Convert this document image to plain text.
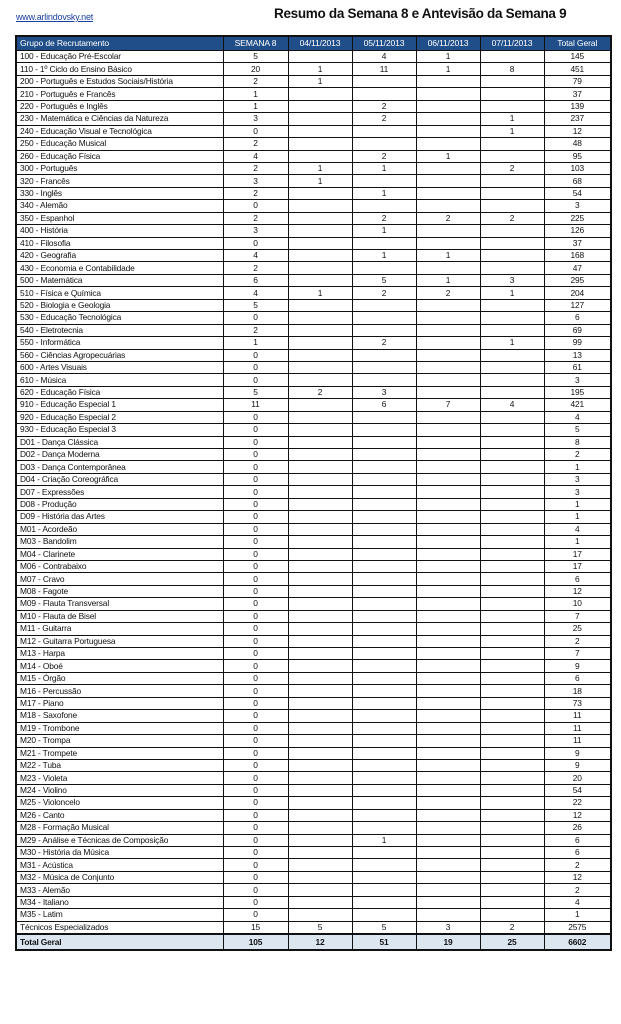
www.arlindovsky.net	Resumo da Semana 8 e Antevisão da Semana 9
Grupo de Recrutamento	SEMANA 8	04/11/2013	05/11/2013	06/11/2013	07/11/2013	Total Geral
100 - Educação Pré-Escolar	5		4	1		145
110 - 1º Ciclo do Ensino Básico	20	1	11	1	8	451
200 - Português e Estudos Sociais/História	2	1				79
210 - Português e Francês	1					37
220 - Português e Inglês	1		2			139
230 - Matemática e Ciências da Natureza	3		2		1	237
240 - Educação Visual e Tecnológica	0				1	12
250 - Educação Musical	2					48
260 - Educação Física	4		2	1		95
300 - Português	2	1	1		2	103
320 - Francês	3	1				68
330 - Inglês	2		1			54
340 - Alemão	0					3
350 - Espanhol	2		2	2	2	225
400 - História	3		1			126
410 - Filosofia	0					37
420 - Geografia	4		1	1		168
430 - Economia e Contabilidade	2					47
500 - Matemática	6		5	1	3	295
510 - Física e Química	4	1	2	2	1	204
520 - Biologia e Geologia	5					127
530 - Educação Tecnológica	0					6
540 - Eletrotecnia	2					69
550 - Informática	1		2		1	99
560 - Ciências Agropecuárias	0					13
600 - Artes Visuais	0					61
610 - Música	0					3
620 - Educação Física	5	2	3			195
910 - Educação Especial 1	11		6	7	4	421
920 - Educação Especial 2	0					4
930 - Educação Especial 3	0					5
D01 - Dança Clássica	0					8
D02 - Dança Moderna	0					2
D03 - Dança Contemporânea	0					1
D04 - Criação Coreográfica	0					3
D07 - Expressões	0					3
D08 - Produção	0					1
D09 - História das Artes	0					1
M01 - Acordeão	0					4
M03 - Bandolim	0					1
M04 - Clarinete	0					17
M06 - Contrabaixo	0					17
M07 - Cravo	0					6
M08 - Fagote	0					12
M09 - Flauta Transversal	0					10
M10 - Flauta de Bisel	0					7
M11 - Guitarra	0					25
M12 - Guitarra Portuguesa	0					2
M13 - Harpa	0					7
M14 - Oboé	0					9
M15 - Órgão	0					6
M16 - Percussão	0					18
M17 - Piano	0					73
M18 - Saxofone	0					11
M19 - Trombone	0					11
M20 - Trompa	0					11
M21 - Trompete	0					9
M22 - Tuba	0					9
M23 - Violeta	0					20
M24 - Violino	0					54
M25 - Violoncelo	0					22
M26 - Canto	0					12
M28 - Formação Musical	0					26
M29 - Análise e Técnicas de Composição	0		1			6
M30 - História da Música	0					6
M31 - Acústica	0					2
M32 - Música de Conjunto	0					12
M33 - Alemão	0					2
M34 - Italiano	0					4
M35 - Latim	0					1
Técnicos Especializados	15	5	5	3	2	2575
Total Geral	105	12	51	19	25	6602
